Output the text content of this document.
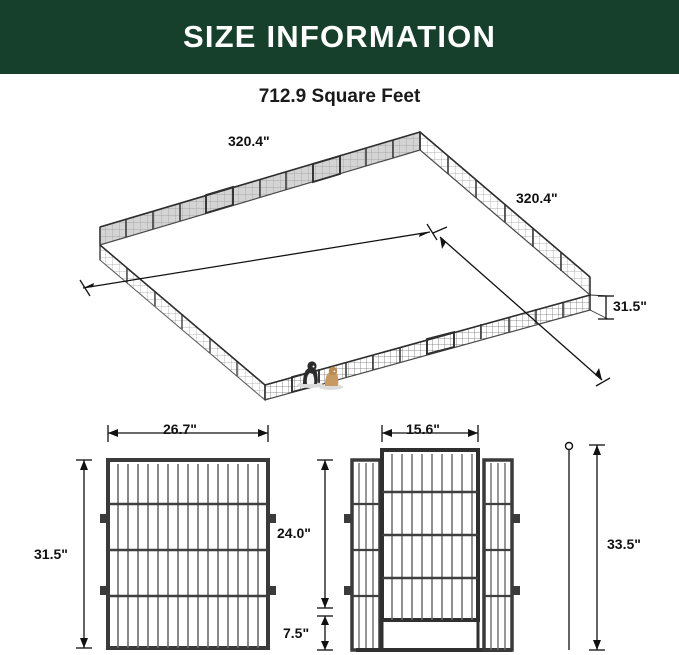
SIZE INFORMATION
712.9 Square Feet
320.4"
320.4"
31.5"
26.7"
31.5"
15.6"
24.0"
7.5"
33.5"
